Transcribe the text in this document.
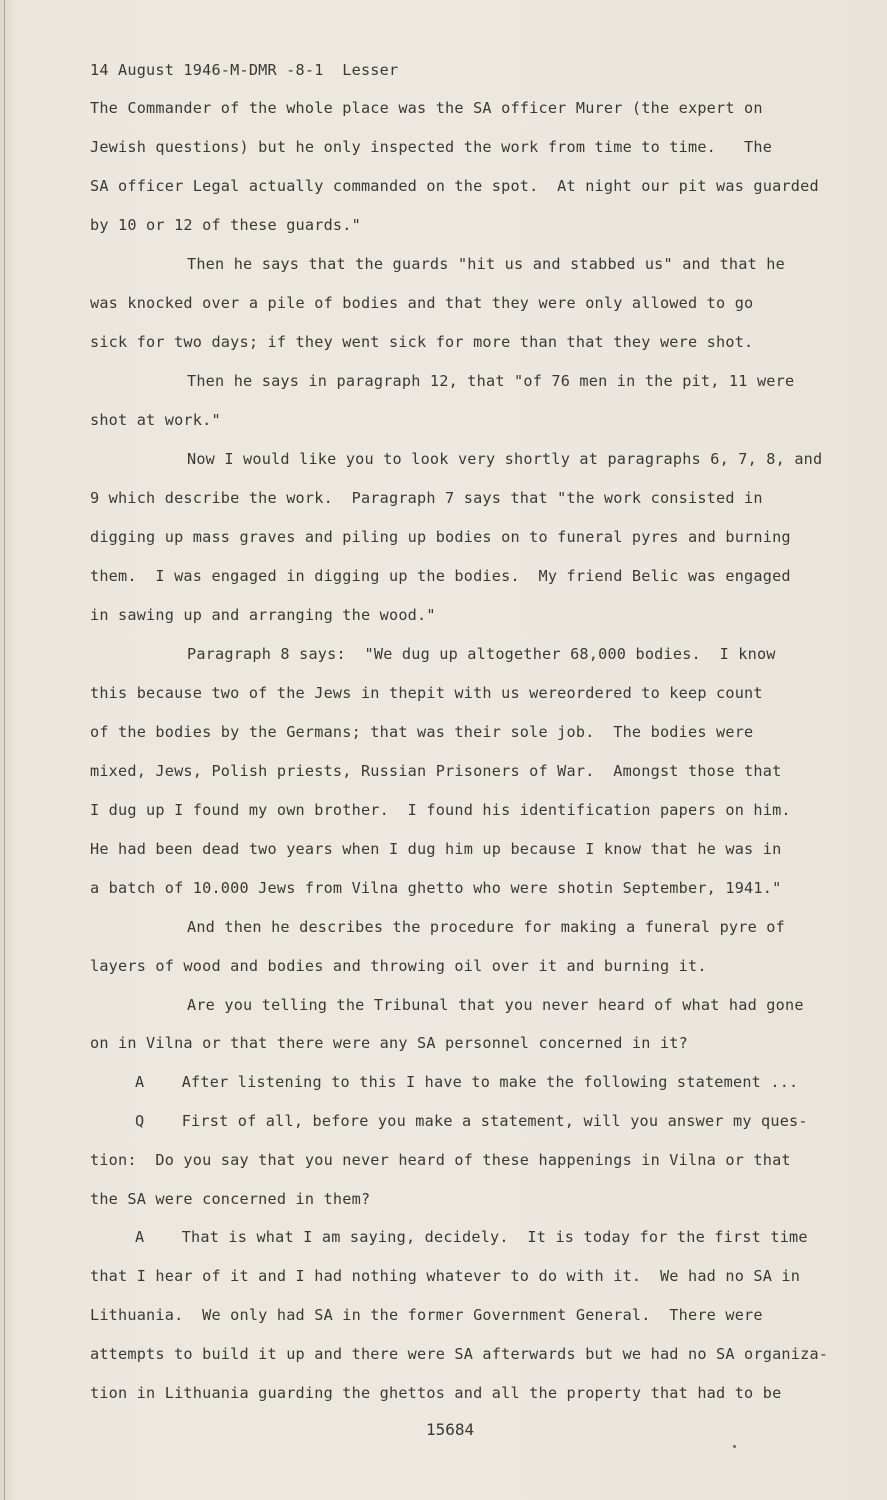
14 August 1946-M-DMR -8-1  Lesser
The Commander of the whole place was the SA officer Murer (the expert on
Jewish questions) but he only inspected the work from time to time.   The
SA officer Legal actually commanded on the spot.  At night our pit was guarded
by 10 or 12 of these guards."
Then he says that the guards "hit us and stabbed us" and that he
was knocked over a pile of bodies and that they were only allowed to go
sick for two days; if they went sick for more than that they were shot.
Then he says in paragraph 12, that "of 76 men in the pit, 11 were
shot at work."
Now I would like you to look very shortly at paragraphs 6, 7, 8, and
9 which describe the work.  Paragraph 7 says that "the work consisted in
digging up mass graves and piling up bodies on to funeral pyres and burning
them.  I was engaged in digging up the bodies.  My friend Belic was engaged
in sawing up and arranging the wood."
Paragraph 8 says:  "We dug up altogether 68,000 bodies.  I know
this because two of the Jews in thepit with us wereordered to keep count
of the bodies by the Germans; that was their sole job.  The bodies were
mixed, Jews, Polish priests, Russian Prisoners of War.  Amongst those that
I dug up I found my own brother.  I found his identification papers on him.
He had been dead two years when I dug him up because I know that he was in
a batch of 10.000 Jews from Vilna ghetto who were shotin September, 1941."
And then he describes the procedure for making a funeral pyre of
layers of wood and bodies and throwing oil over it and burning it.
Are you telling the Tribunal that you never heard of what had gone
on in Vilna or that there were any SA personnel concerned in it?
A    After listening to this I have to make the following statement ...
Q    First of all, before you make a statement, will you answer my ques-
tion:  Do you say that you never heard of these happenings in Vilna or that
the SA were concerned in them?
A    That is what I am saying, decidely.  It is today for the first time
that I hear of it and I had nothing whatever to do with it.  We had no SA in
Lithuania.  We only had SA in the former Government General.  There were
attempts to build it up and there were SA afterwards but we had no SA organiza-
tion in Lithuania guarding the ghettos and all the property that had to be
15684
